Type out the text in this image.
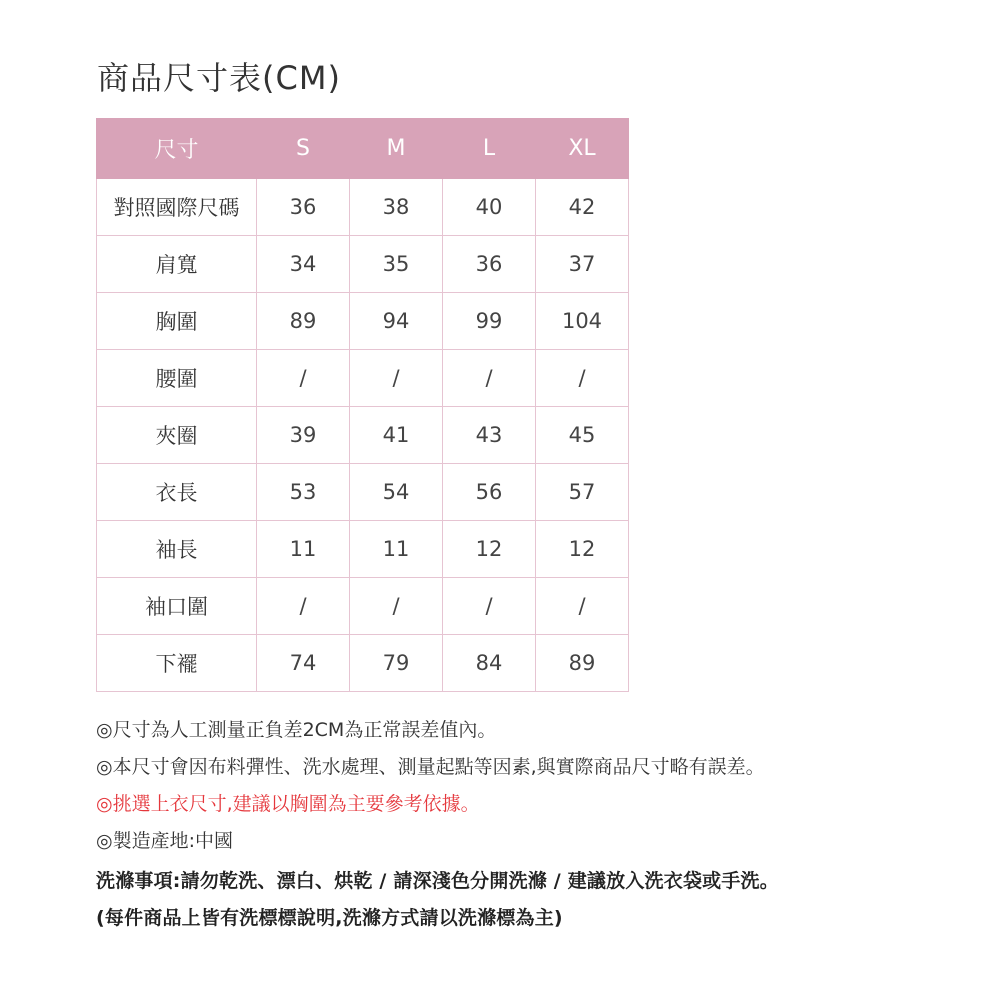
商品尺寸表(CM)
尺寸	S	M	L	XL
對照國際尺碼	36	38	40	42
肩寬	34	35	36	37
胸圍	89	94	99	104
腰圍	/	/	/	/
夾圈	39	41	43	45
衣長	53	54	56	57
袖長	11	11	12	12
袖口圍	/	/	/	/
下襬	74	79	84	89
◎尺寸為人工測量正負差2CM為正常誤差值內。
◎本尺寸會因布料彈性、洗水處理、測量起點等因素,與實際商品尺寸略有誤差。
◎挑選上衣尺寸,建議以胸圍為主要參考依據。
◎製造產地:中國
洗滌事項:請勿乾洗、漂白、烘乾 / 請深淺色分開洗滌 / 建議放入洗衣袋或手洗。
(每件商品上皆有洗標標說明,洗滌方式請以洗滌標為主)
